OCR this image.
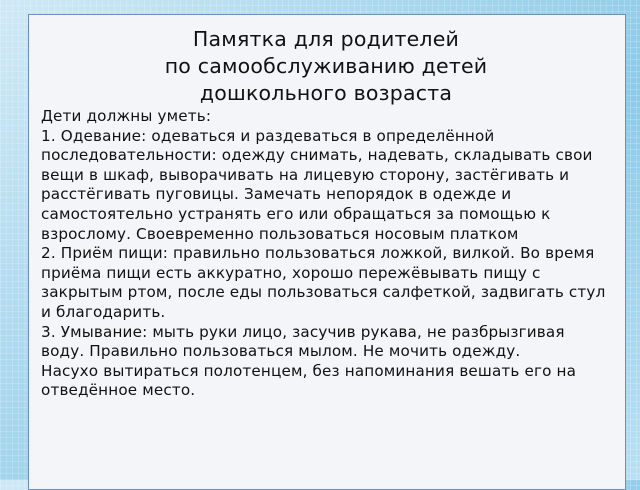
Памятка для родителей
по самообслуживанию детей
дошкольного возраста

Дети должны уметь:

1. Одевание: одеваться и раздеваться в определённой последовательности: одежду снимать, надевать, складывать свои вещи в шкаф, выворачивать на лицевую сторону, застёгивать и расстёгивать пуговицы. Замечать непорядок в одежде и самостоятельно устранять его или обращаться за помощью к взрослому. Своевременно пользоваться носовым платком

2. Приём пищи: правильно пользоваться ложкой, вилкой. Во время приёма пищи есть аккуратно, хорошо пережёвывать пищу с закрытым ртом, после еды пользоваться салфеткой, задвигать стул и благодарить.

3. Умывание: мыть руки лицо, засучив рукава, не разбрызгивая воду. Правильно пользоваться мылом. Не мочить одежду.

Насухо вытираться полотенцем, без напоминания вешать его на отведённое место.
